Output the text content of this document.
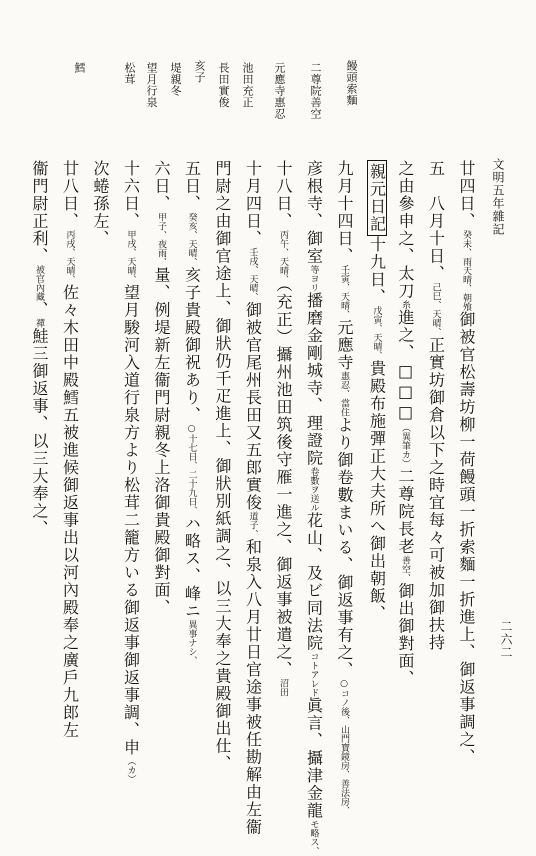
文明五年雜記
二六二
饅頭索麵
二尊院善空
元應寺惠忍
池田充正
長田實俊
亥子
堤親冬
望月行泉
松茸
鱈
廿四日、癸未、雨天晴、朝飧御被官松壽坊柳一荷饅頭一折索麵一折進上、御返事調之、
五　八月十日、己巳、天晴、正實坊御倉以下之時宜每々可被加御扶持
之由參申之、太刀糸進之、□□□（異筆カ）二尊院長老善空、御出御對面、
親元日記十九日、戊寅、天晴、貴殿布施彈正大夫所へ御出朝飯、
九月十四日、壬寅、天晴、元應寺惠忍、當住より御卷數まいる、御返事有之、○コノ後、山門寶鏡房、善法房、
彦根寺、御室等ヨリ播磨金剛城寺、理證院卷數ヲ送ル花山、及ビ同法院コトアレド眞言、攝津金龍モ略ス、
十八日、丙午、天晴、（充正）攝州池田筑後守雁一進之、御返事被遣之、沼田
十月四日、壬戌、天晴、御被官尾州長田又五郎實俊道子、和泉入八月廿日官途事被任勘解由左衞
門尉之由御官途上、御狀仍千疋進上、御狀別紙調之、以三大奉之貴殿御出仕、
五日、癸亥、天晴、亥子貴殿御祝あり、○十七日、二十九日、ハ略ス、峰ニ異事ナシ、
六日、甲子、夜雨、量、例堤新左衞門尉親冬上洛御貴殿御對面、
十六日、甲戌、天晴、望月駿河入道行泉方より松茸二籠方いる御返事御返事調、申（カ）
次蜷孫左、
廿八日、丙戌、天晴、佐々木田中殿鱈五被進候御返事出以河內殿奉之廣戶九郎左
衞門尉正利、被官內藏、禪鮭三御返事、以三大奉之、
